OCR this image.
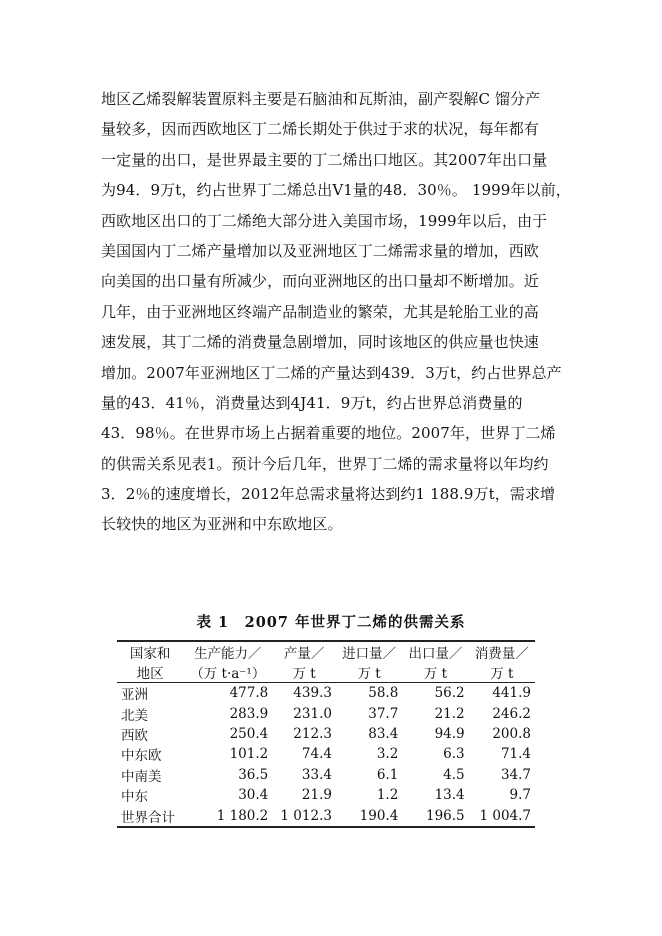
地区乙烯裂解装置原料主要是石脑油和瓦斯油，副产裂解C 馏分产
量较多，因而西欧地区丁二烯长期处于供过于求的状况，每年都有
一定量的出口，是世界最主要的丁二烯出口地区。其2007年出口量
为94．9万t，约占世界丁二烯总出V1量的48．30％。 1999年以前，
西欧地区出口的丁二烯绝大部分进入美国市场，1999年以后，由于
美国国内丁二烯产量增加以及亚洲地区丁二烯需求量的增加，西欧
向美国的出口量有所减少，而向亚洲地区的出口量却不断增加。近
几年，由于亚洲地区终端产品制造业的繁荣，尤其是轮胎工业的高
速发展，其丁二烯的消费量急剧增加，同时该地区的供应量也快速
增加。2007年亚洲地区丁二烯的产量达到439．3万t，约占世界总产
量的43．41％，消费量达到4J41．9万t，约占世界总消费量的
43．98％。在世界市场上占据着重要的地位。2007年，世界丁二烯
的供需关系见表1。预计今后几年，世界丁二烯的需求量将以年均约
3．2％的速度增长，2012年总需求量将达到约1 188.9万t，需求增
长较快的地区为亚洲和中东欧地区。

表 1　2007 年世界丁二烯的供需关系

国家和	生产能力／	产量／	进口量／	出口量／	消费量／
地区	（万 t·a⁻¹）	万 t	万 t	万 t	万 t
亚洲	477.8	439.3	58.8	56.2	441.9
北美	283.9	231.0	37.7	21.2	246.2
西欧	250.4	212.3	83.4	94.9	200.8
中东欧	101.2	74.4	3.2	6.3	71.4
中南美	36.5	33.4	6.1	4.5	34.7
中东	30.4	21.9	1.2	13.4	9.7
世界合计	1 180.2	1 012.3	190.4	196.5	1 004.7
